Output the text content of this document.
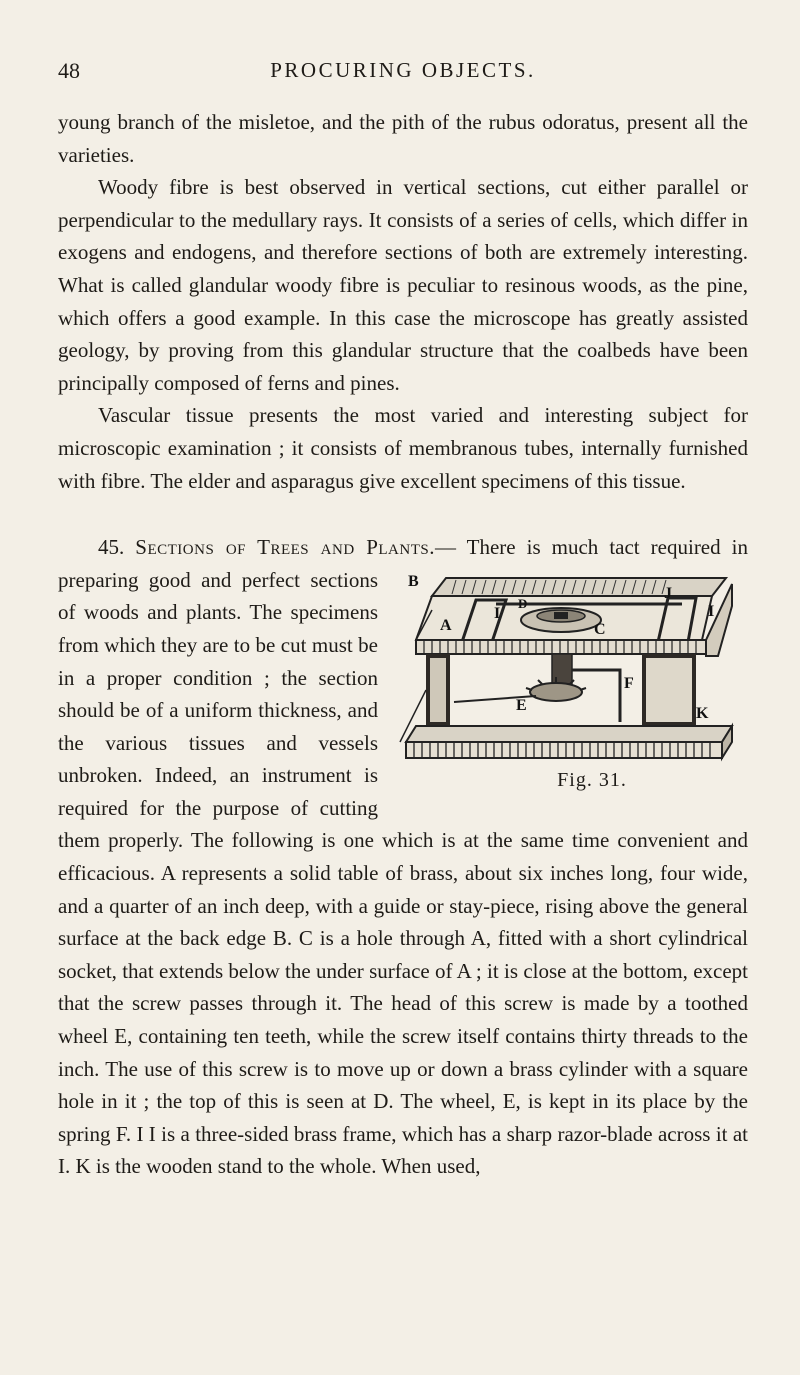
48	PROCURING OBJECTS.

young branch of the misletoe, and the pith of the rubus odoratus, present all the varieties.

Woody fibre is best observed in vertical sections, cut either parallel or perpendicular to the medullary rays. It consists of a series of cells, which differ in exogens and endogens, and therefore sections of both are extremely interesting. What is called glandular woody fibre is peculiar to resinous woods, as the pine, which offers a good example. In this case the microscope has greatly assisted geology, by proving from this glandular structure that the coalbeds have been principally composed of ferns and pines.

Vascular tissue presents the most varied and interesting subject for microscopic examination ; it consists of membranous tubes, internally furnished with fibre. The elder and asparagus give excellent specimens of this tissue.

45. Sections of Trees and Plants.
B
A	C
D
E
F
I	I
J
K
Fig. 31.
— There is much tact required in preparing good and perfect sections of woods and plants. The specimens from which they are to be cut must be in a proper condition ; the section should be of a uniform thickness, and the various tissues and vessels unbroken. Indeed, an instrument is required for the purpose of cutting them properly. The following is one which is at the same time convenient and efficacious. A represents a solid table of brass, about six inches long, four wide, and a quarter of an inch deep, with a guide or stay-piece, rising above the general surface at the back edge B. C is a hole through A, fitted with a short cylindrical socket, that extends below the under surface of A ; it is close at the bottom, except that the screw passes through it. The head of this screw is made by a toothed wheel E, containing ten teeth, while the screw itself contains thirty threads to the inch. The use of this screw is to move up or down a brass cylinder with a square hole in it ; the top of this is seen at D. The wheel, E, is kept in its place by the spring F. I I is a three-sided brass frame, which has a sharp razor-blade across it at I. K is the wooden stand to the whole. When used,
